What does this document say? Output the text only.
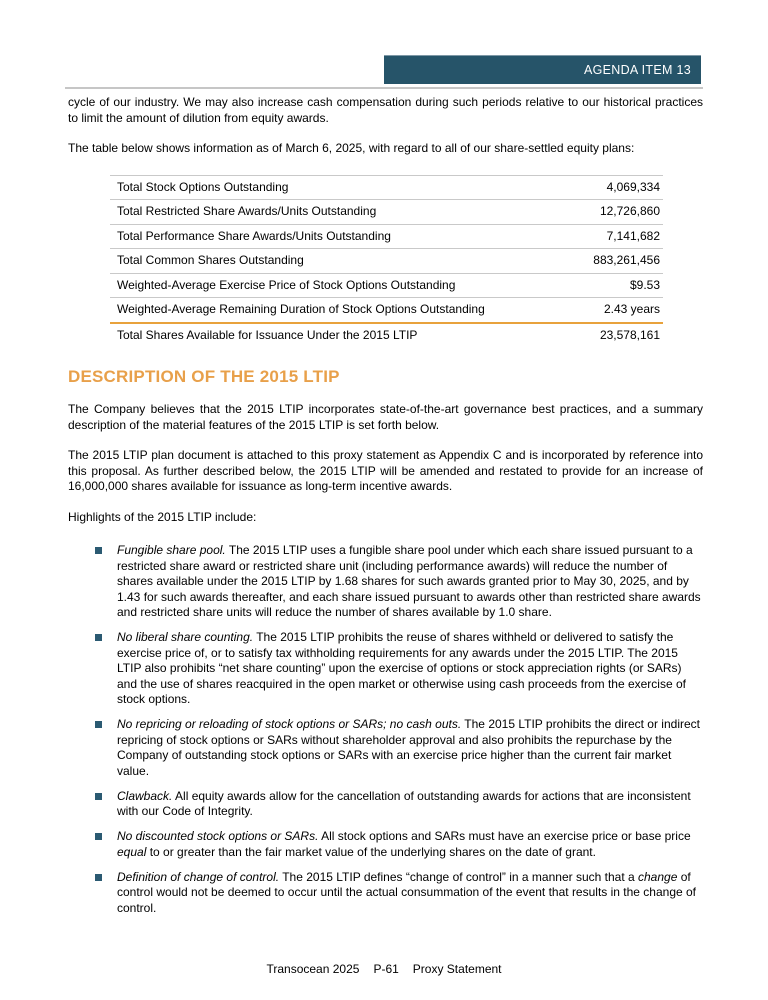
AGENDA ITEM 13

cycle of our industry. We may also increase cash compensation during such periods relative to our historical practices to limit the amount of dilution from equity awards.

The table below shows information as of March 6, 2025, with regard to all of our share-settled equity plans:

Total Stock Options Outstanding	4,069,334
Total Restricted Share Awards/Units Outstanding	12,726,860
Total Performance Share Awards/Units Outstanding	7,141,682
Total Common Shares Outstanding	883,261,456
Weighted-Average Exercise Price of Stock Options Outstanding	$9.53
Weighted-Average Remaining Duration of Stock Options Outstanding	2.43 years
Total Shares Available for Issuance Under the 2015 LTIP	23,578,161
DESCRIPTION OF THE 2015 LTIP

The Company believes that the 2015 LTIP incorporates state-of-the-art governance best practices, and a summary description of the material features of the 2015 LTIP is set forth below.

The 2015 LTIP plan document is attached to this proxy statement as Appendix C and is incorporated by reference into this proposal. As further described below, the 2015 LTIP will be amended and restated to provide for an increase of 16,000,000 shares available for issuance as long-term incentive awards.

Highlights of the 2015 LTIP include:

Fungible share pool. The 2015 LTIP uses a fungible share pool under which each share issued pursuant to a restricted share award or restricted share unit (including performance awards) will reduce the number of shares available under the 2015 LTIP by 1.68 shares for such awards granted prior to May 30, 2025, and by 1.43 for such awards thereafter, and each share issued pursuant to awards other than restricted share awards and restricted share units will reduce the number of shares available by 1.0 share.
No liberal share counting. The 2015 LTIP prohibits the reuse of shares withheld or delivered to satisfy the exercise price of, or to satisfy tax withholding requirements for any awards under the 2015 LTIP. The 2015 LTIP also prohibits “net share counting” upon the exercise of options or stock appreciation rights (or SARs) and the use of shares reacquired in the open market or otherwise using cash proceeds from the exercise of stock options.
No repricing or reloading of stock options or SARs; no cash outs. The 2015 LTIP prohibits the direct or indirect repricing of stock options or SARs without shareholder approval and also prohibits the repurchase by the Company of outstanding stock options or SARs with an exercise price higher than the current fair market value.
Clawback. All equity awards allow for the cancellation of outstanding awards for actions that are inconsistent with our Code of Integrity.
No discounted stock options or SARs. All stock options and SARs must have an exercise price or base price equal to or greater than the fair market value of the underlying shares on the date of grant.
Definition of change of control. The 2015 LTIP defines “change of control” in a manner such that a change of control would not be deemed to occur until the actual consummation of the event that results in the change of control.
Transocean 2025 P-61 Proxy Statement
